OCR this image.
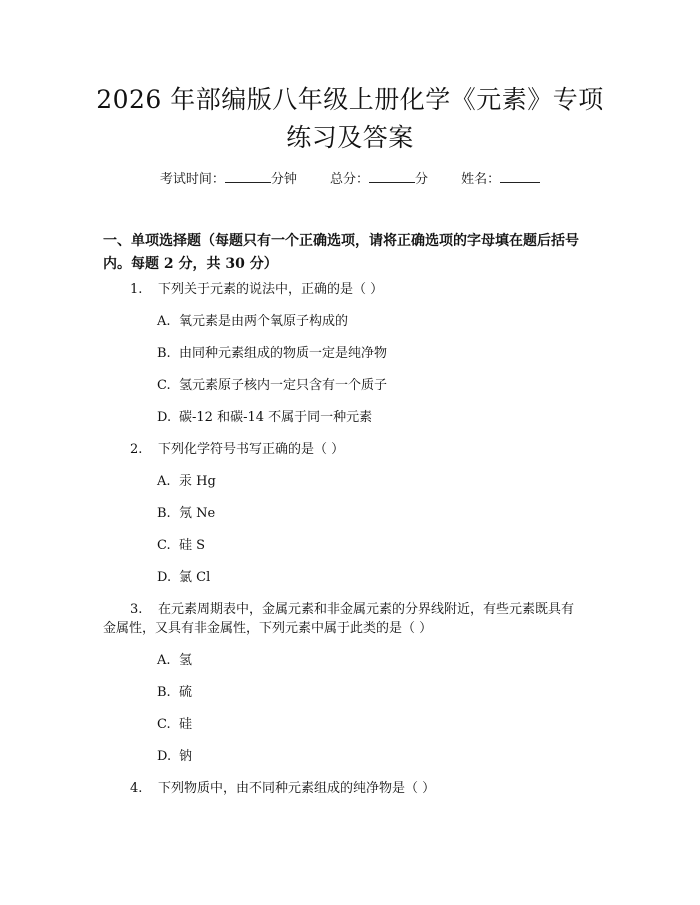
2026 年部编版八年级上册化学《元素》专项
练习及答案
考试时间：	分钟	总分：	分	姓名：
一、单项选择题（每题只有一个正确选项，请将正确选项的字母填在题后括号
内。每题 2 分，共 30 分）
1. 下列关于元素的说法中，正确的是（ ）
A. 氧元素是由两个氧原子构成的
B. 由同种元素组成的物质一定是纯净物
C. 氢元素原子核内一定只含有一个质子
D. 碳-12 和碳-14 不属于同一种元素
2. 下列化学符号书写正确的是（ ）
A. 汞 Hg
B. 氖 Ne
C. 硅 S
D. 氯 Cl
3. 在元素周期表中，金属元素和非金属元素的分界线附近，有些元素既具有
金属性，又具有非金属性，下列元素中属于此类的是（ ）
A. 氢
B. 硫
C. 硅
D. 钠
4. 下列物质中，由不同种元素组成的纯净物是（ ）
